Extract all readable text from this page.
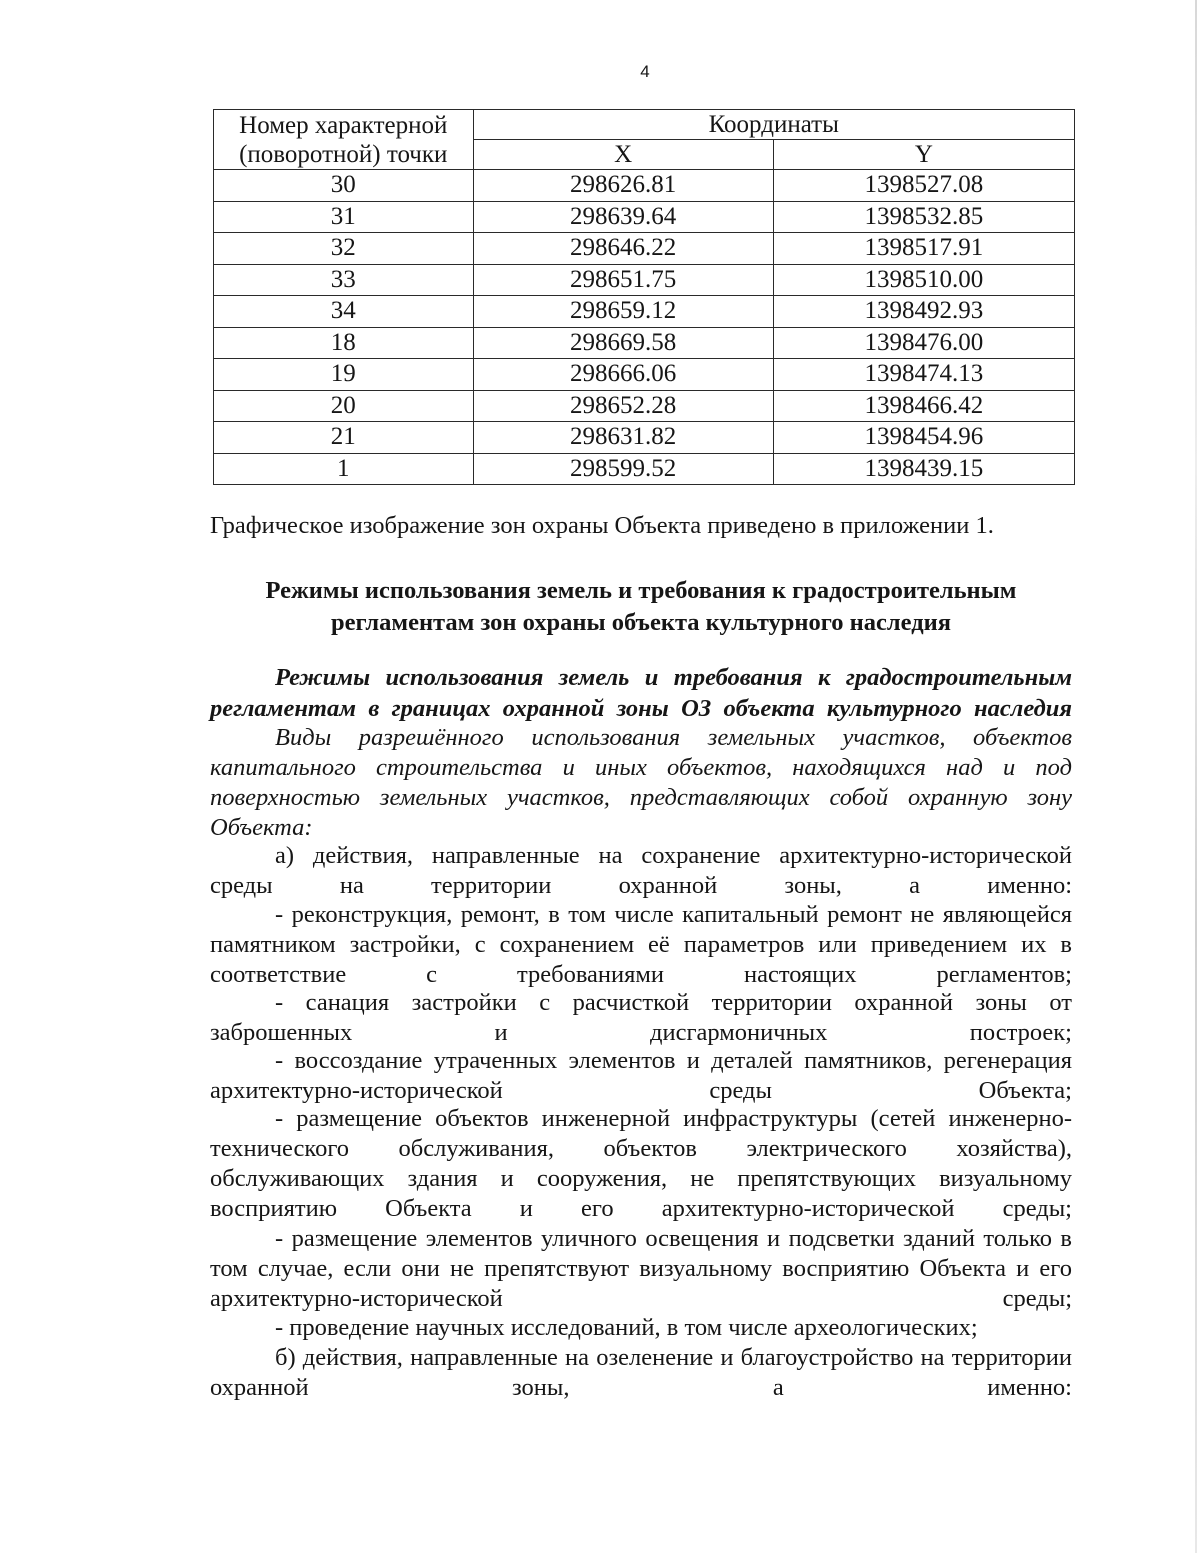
4
Номер характерной (поворотной) точки	Координаты	
	X	Y
30	298626.81	1398527.08
31	298639.64	1398532.85
32	298646.22	1398517.91
33	298651.75	1398510.00
34	298659.12	1398492.93
18	298669.58	1398476.00
19	298666.06	1398474.13
20	298652.28	1398466.42
21	298631.82	1398454.96
1	298599.52	1398439.15

Графическое изображение зон охраны Объекта приведено в приложении 1.

Режимы использования земель и требования к градостроительным регламентам зон охраны объекта культурного наследия

Режимы использования земель и требования к градостроительным регламентам в границах охранной зоны ОЗ объекта культурного наследия

Виды разрешённого использования земельных участков, объектов капитального строительства и иных объектов, находящихся над и под поверхностью земельных участков, представляющих собой охранную зону Объекта:

а) действия, направленные на сохранение архитектурно-исторической среды на территории охранной зоны, а именно:

- реконструкция, ремонт, в том числе капитальный ремонт не являющейся памятником застройки, с сохранением её параметров или приведением их в соответствие с требованиями настоящих регламентов;

- санация застройки с расчисткой территории охранной зоны от заброшенных и дисгармоничных построек;

- воссоздание утраченных элементов и деталей памятников, регенерация архитектурно-исторической среды Объекта;

- размещение объектов инженерной инфраструктуры (сетей инженерно-технического обслуживания, объектов электрического хозяйства), обслуживающих здания и сооружения, не препятствующих визуальному восприятию Объекта и его архитектурно-исторической среды;

- размещение элементов уличного освещения и подсветки зданий только в том случае, если они не препятствуют визуальному восприятию Объекта и его архитектурно-исторической среды;

- проведение научных исследований, в том числе археологических;

б) действия, направленные на озеленение и благоустройство на территории охранной зоны, а именно:
